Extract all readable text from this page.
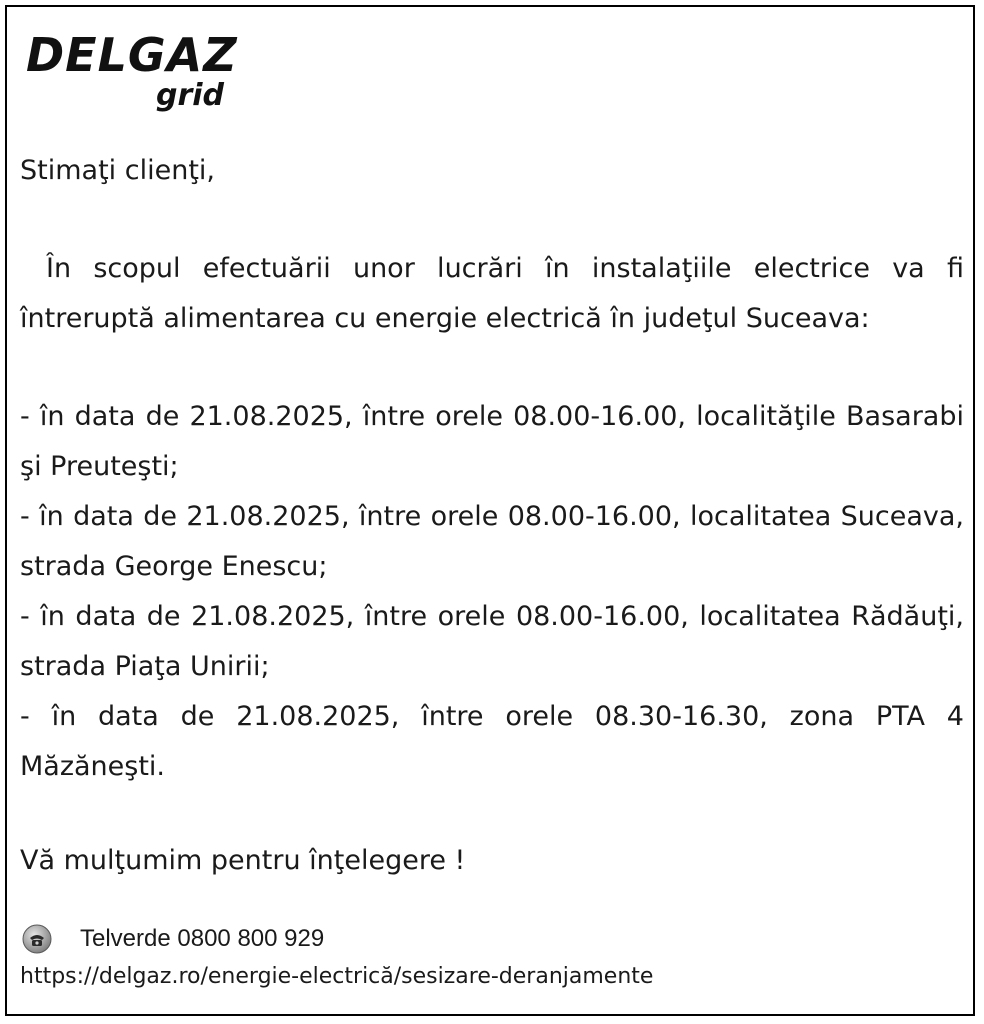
DELGAZ
grid
Stimaţi clienţi,
În scopul efectuării unor lucrări în instalaţiile electrice va fi întreruptă alimentarea cu energie electrică în judeţul Suceava:
- în data de 21.08.2025, între orele 08.00-16.00, localităţile Basarabi şi Preuteşti;
- în data de 21.08.2025, între orele 08.00-16.00, localitatea Suceava, strada George Enescu;
- în data de 21.08.2025, între orele 08.00-16.00, localitatea Rădăuţi, strada Piaţa Unirii;
- în data de 21.08.2025, între orele 08.30-16.30, zona PTA 4 Măzăneşti.
Vă mulţumim pentru înţelegere !
Telverde 0800 800 929
https://delgaz.ro/energie-electrică/sesizare-deranjamente
